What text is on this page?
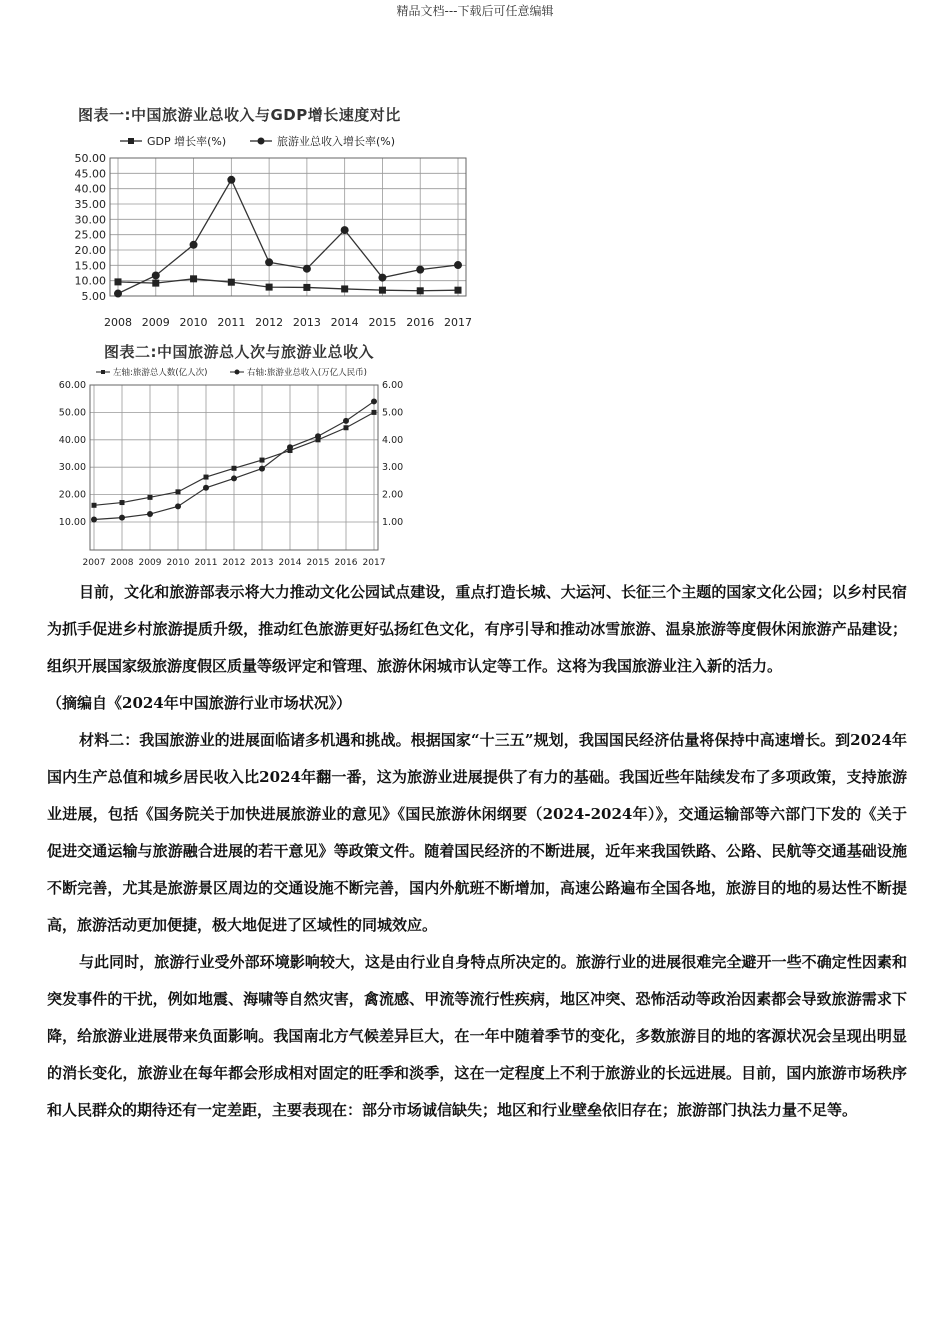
精品文档---下载后可任意编辑
图表一:中国旅游业总收入与GDP增长速度对比
GDP 增长率(%)	旅游业总收入增长率(%)
50.00
45.00
40.00
35.00
30.00
25.00
20.00
15.00
10.00
5.00
2008 2009 2010 2011 2012 2013 2014 2015 2016 2017
图表二:中国旅游总人次与旅游业总收入
左轴:旅游总人数(亿人次)	右轴:旅游业总收入(万亿人民币)
60.00
50.00
40.00
30.00
20.00
10.00
6.00
5.00
4.00
3.00
2.00
1.00
2007 2008 2009 2010 2011 2012 2013 2014 2015 2016 2017

目前，文化和旅游部表示将大力推动文化公园试点建设，重点打造长城、大运河、长征三个主题的国家文化公园；以乡村民宿为抓手促进乡村旅游提质升级，推动红色旅游更好弘扬红色文化，有序引导和推动冰雪旅游、温泉旅游等度假休闲旅游产品建设；组织开展国家级旅游度假区质量等级评定和管理、旅游休闲城市认定等工作。这将为我国旅游业注入新的活力。

（摘编自《2024年中国旅游行业市场状况》）

材料二：我国旅游业的进展面临诸多机遇和挑战。根据国家“十三五”规划，我国国民经济估量将保持中高速增长。到2024年国内生产总值和城乡居民收入比2024年翻一番，这为旅游业进展提供了有力的基础。我国近些年陆续发布了多项政策，支持旅游业进展，包括《国务院关于加快进展旅游业的意见》《国民旅游休闲纲要（2024-2024年）》，交通运输部等六部门下发的《关于促进交通运输与旅游融合进展的若干意见》等政策文件。随着国民经济的不断进展，近年来我国铁路、公路、民航等交通基础设施不断完善，尤其是旅游景区周边的交通设施不断完善，国内外航班不断增加，高速公路遍布全国各地，旅游目的地的易达性不断提高，旅游活动更加便捷，极大地促进了区域性的同城效应。

与此同时，旅游行业受外部环境影响较大，这是由行业自身特点所决定的。旅游行业的进展很难完全避开一些不确定性因素和突发事件的干扰，例如地震、海啸等自然灾害，禽流感、甲流等流行性疾病，地区冲突、恐怖活动等政治因素都会导致旅游需求下降，给旅游业进展带来负面影响。我国南北方气候差异巨大，在一年中随着季节的变化，多数旅游目的地的客源状况会呈现出明显的消长变化，旅游业在每年都会形成相对固定的旺季和淡季，这在一定程度上不利于旅游业的长远进展。目前，国内旅游市场秩序和人民群众的期待还有一定差距，主要表现在：部分市场诚信缺失；地区和行业壁垒依旧存在；旅游部门执法力量不足等。
